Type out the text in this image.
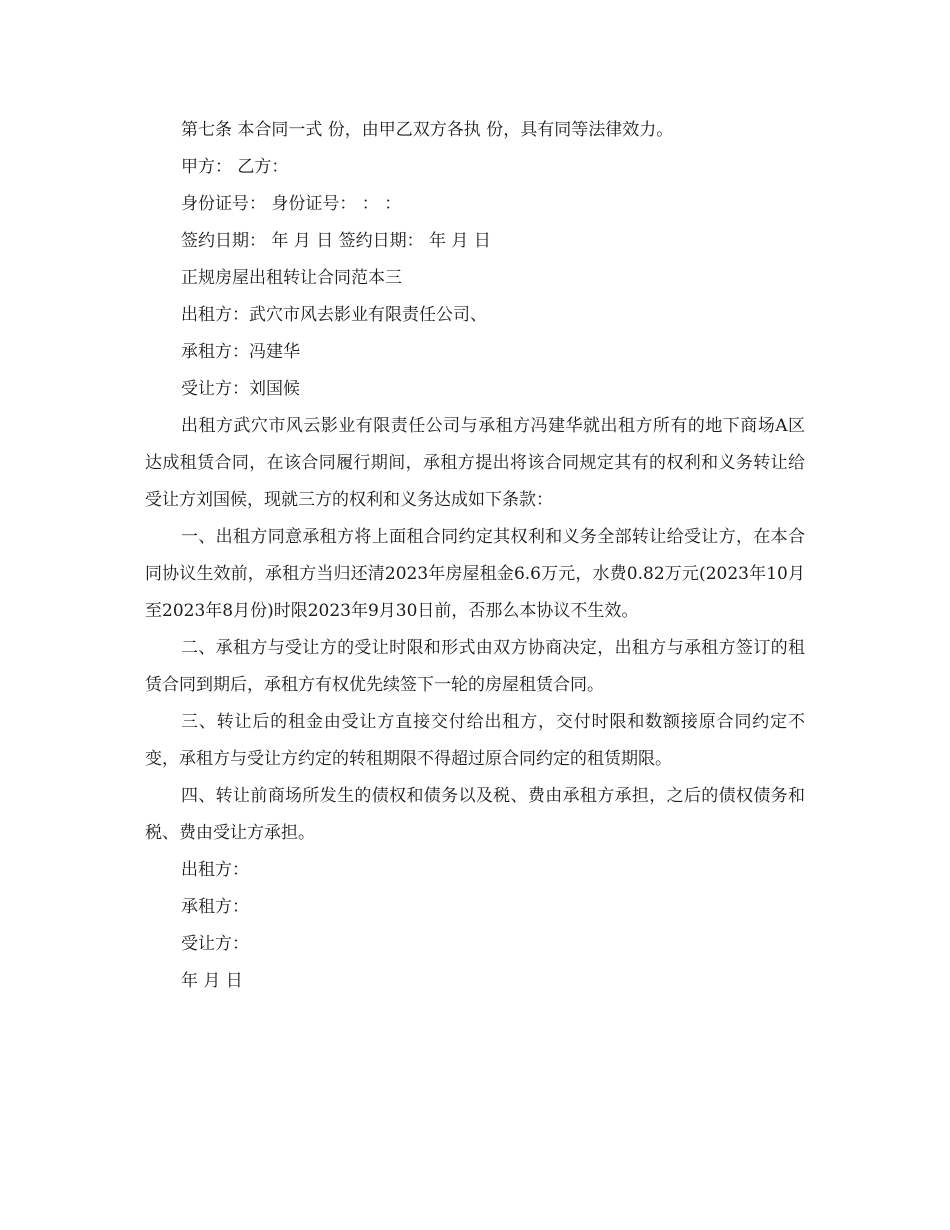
第七条 本合同一式 份，由甲乙双方各执 份，具有同等法律效力。

甲方： 乙方：

身份证号： 身份证号： ： ：

签约日期： 年 月 日 签约日期： 年 月 日

正规房屋出租转让合同范本三

出租方：武穴市风去影业有限责任公司、

承租方：冯建华

受让方：刘国候

出租方武穴市风云影业有限责任公司与承租方冯建华就出租方所有的地下商场A区达成租赁合同，在该合同履行期间，承租方提出将该合同规定其有的权利和义务转让给受让方刘国候，现就三方的权利和义务达成如下条款：

一、出租方同意承租方将上面租合同约定其权利和义务全部转让给受让方，在本合同协议生效前，承租方当归还清2023年房屋租金6.6万元，水费0.82万元(2023年10月至2023年8月份)时限2023年9月30日前，否那么本协议不生效。

二、承租方与受让方的受让时限和形式由双方协商决定，出租方与承租方签订的租赁合同到期后，承租方有权优先续签下一轮的房屋租赁合同。

三、转让后的租金由受让方直接交付给出租方，交付时限和数额接原合同约定不变，承租方与受让方约定的转租期限不得超过原合同约定的租赁期限。

四、转让前商场所发生的债权和债务以及税、费由承租方承担，之后的债权债务和税、费由受让方承担。

出租方：

承租方：

受让方：

年 月 日
